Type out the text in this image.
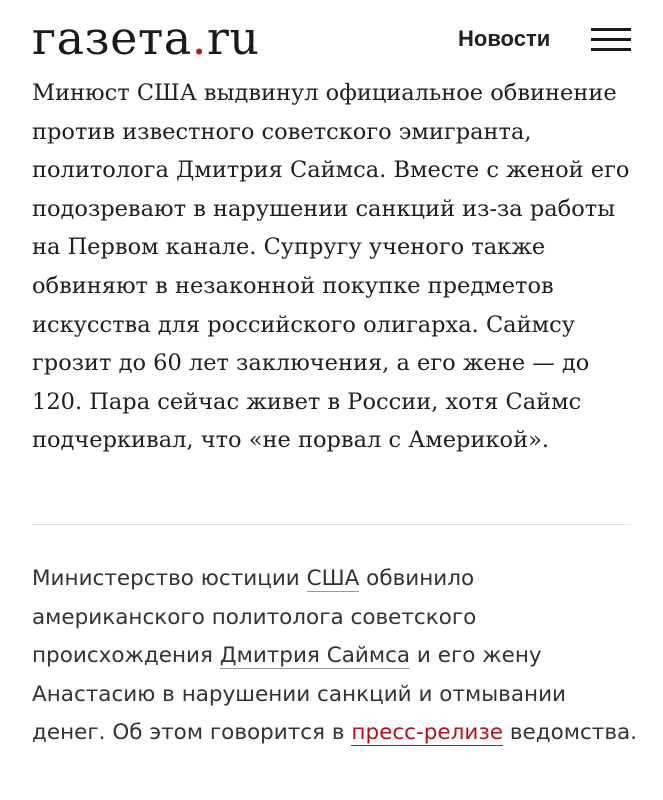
газета.ru	Новости

Минюст США выдвинул официальное обвинение против известного советского эмигранта, политолога Дмитрия Саймса. Вместе с женой его подозревают в нарушении санкций из-за работы на Первом канале. Супругу ученого также обвиняют в незаконной покупке предметов искусства для российского олигарха. Саймсу грозит до 60 лет заключения, а его жене — до 120. Пара сейчас живет в России, хотя Саймс подчеркивал, что «не порвал с Америкой».

Министерство юстиции США обвинило американского политолога советского происхождения Дмитрия Саймса и его жену Анастасию в нарушении санкций и отмывании денег. Об этом говорится в пресс-релизе ведомства.
